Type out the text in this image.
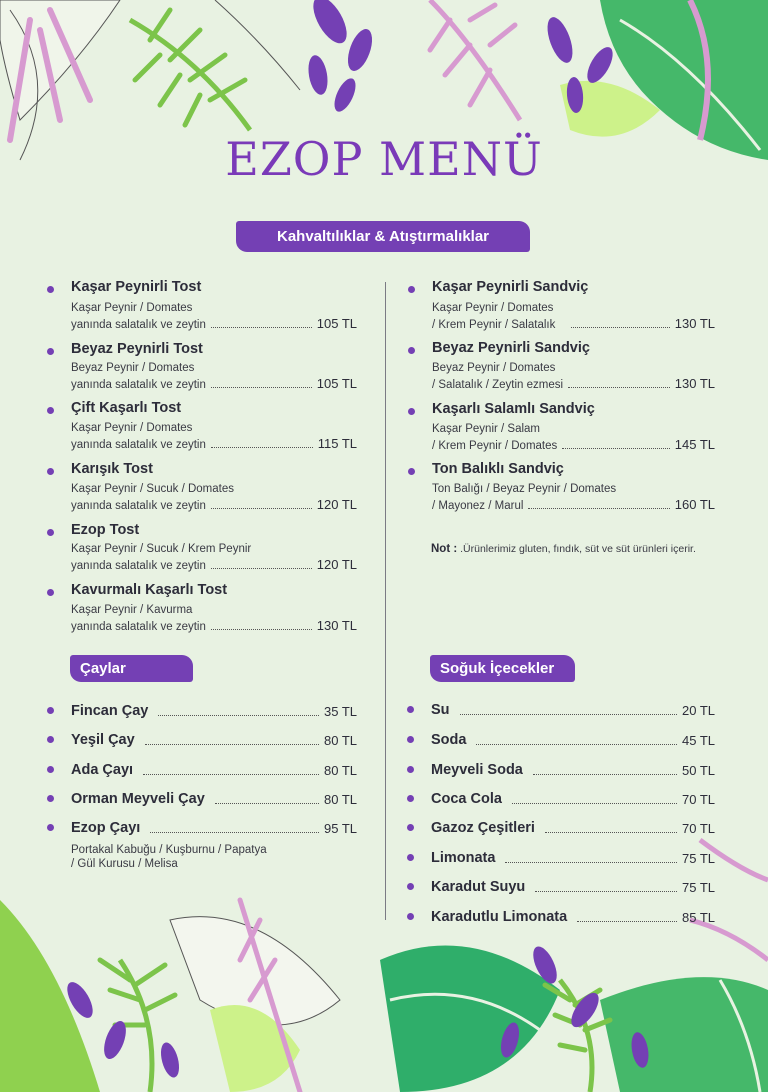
EZOP MENÜ
Kahvaltılıklar & Atıştırmalıklar
Kaşar Peynirli Tost
Kaşar Peynir / Domates
yanında salatalık ve zeytin	105 TL
Beyaz Peynirli Tost
Beyaz Peynir / Domates
yanında salatalık ve zeytin	105 TL
Çift Kaşarlı Tost
Kaşar Peynir / Domates
yanında salatalık ve zeytin	115 TL
Karışık Tost
Kaşar Peynir / Sucuk / Domates
yanında salatalık ve zeytin	120 TL
Ezop Tost
Kaşar Peynir / Sucuk / Krem Peynir
yanında salatalık ve zeytin	120 TL
Kavurmalı Kaşarlı Tost
Kaşar Peynir / Kavurma
yanında salatalık ve zeytin	130 TL
Kaşar Peynirli Sandviç
Kaşar Peynir / Domates
/ Krem Peynir / Salatalık	130 TL
Beyaz Peynirli Sandviç
Beyaz Peynir / Domates
/ Salatalık / Zeytin ezmesi	130 TL
Kaşarlı Salamlı Sandviç
Kaşar Peynir / Salam
/ Krem Peynir / Domates	145 TL
Ton Balıklı Sandviç
Ton Balığı / Beyaz Peynir / Domates
/ Mayonez / Marul	160 TL
Not : .Ürünlerimiz gluten, fındık, süt ve süt ürünleri içerir.
Çaylar	Soğuk İçecekler
Fincan Çay	35 TL
Yeşil Çay	80 TL
Ada Çayı	80 TL
Orman Meyveli Çay	80 TL
Ezop Çayı	95 TL
Portakal Kabuğu / Kuşburnu / Papatya
/ Gül Kurusu / Melisa
Su	20 TL
Soda	45 TL
Meyveli Soda	50 TL
Coca Cola	70 TL
Gazoz Çeşitleri	70 TL
Limonata	75 TL
Karadut Suyu	75 TL
Karadutlu Limonata	85 TL
